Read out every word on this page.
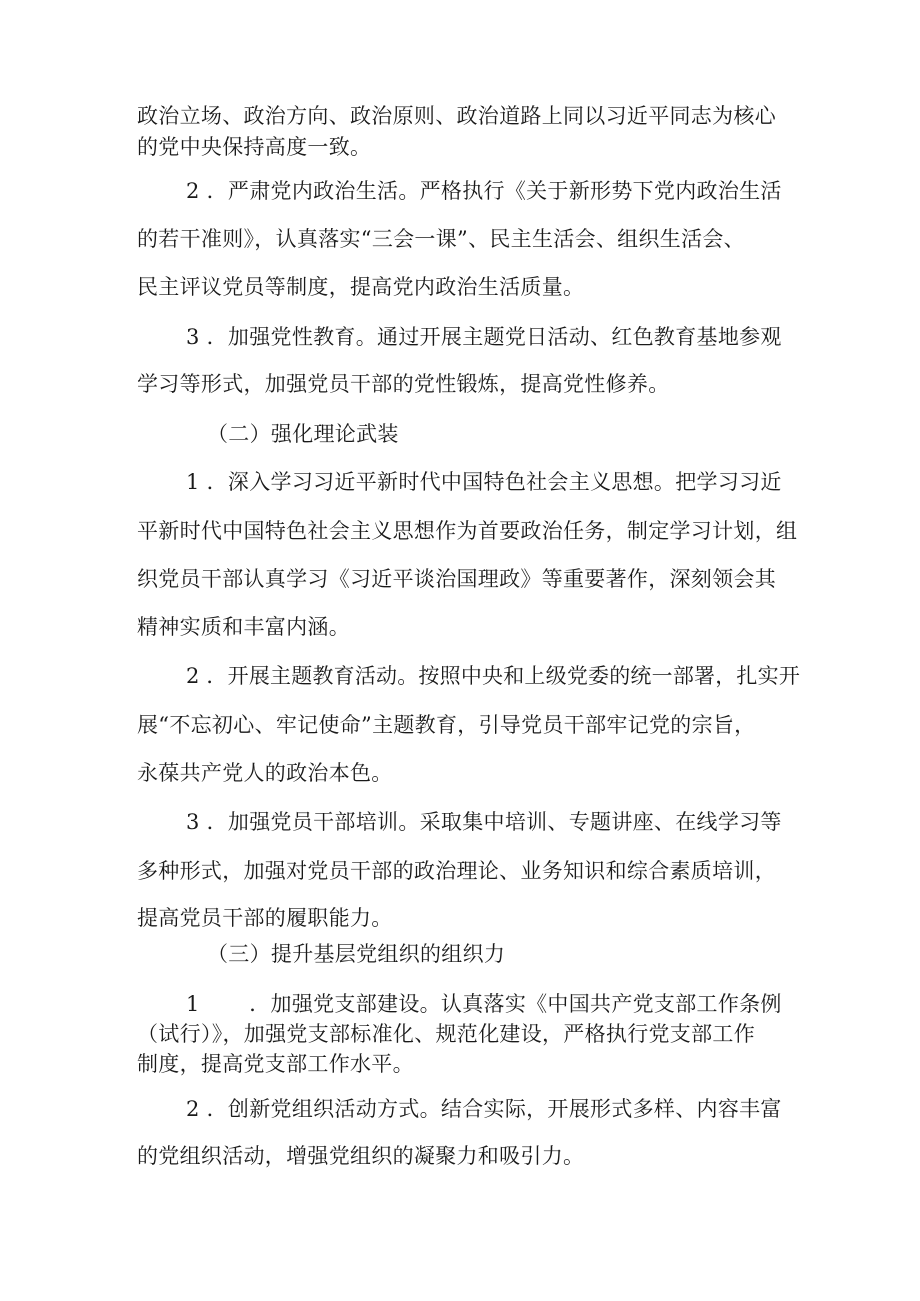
政治立场、政治方向、政治原则、政治道路上同以习近平同志为核心
的党中央保持高度一致。
2 ．严肃党内政治生活。严格执行《关于新形势下党内政治生活
的若干准则》，认真落实“三会一课”、民主生活会、组织生活会、
民主评议党员等制度，提高党内政治生活质量。
3 ．加强党性教育。通过开展主题党日活动、红色教育基地参观
学习等形式，加强党员干部的党性锻炼，提高党性修养。
（二）强化理论武装
1 ．深入学习习近平新时代中国特色社会主义思想。把学习习近
平新时代中国特色社会主义思想作为首要政治任务，制定学习计划，组
织党员干部认真学习《习近平谈治国理政》等重要著作，深刻领会其
精神实质和丰富内涵。
2 ．开展主题教育活动。按照中央和上级党委的统一部署，扎实开
展“不忘初心、牢记使命”主题教育，引导党员干部牢记党的宗旨，
永葆共产党人的政治本色。
3 ．加强党员干部培训。采取集中培训、专题讲座、在线学习等
多种形式，加强对党员干部的政治理论、业务知识和综合素质培训，
提高党员干部的履职能力。
（三）提升基层党组织的组织力
1 　　．加强党支部建设。认真落实《中国共产党支部工作条例
（试行）》，加强党支部标准化、规范化建设，严格执行党支部工作
制度，提高党支部工作水平。
2 ．创新党组织活动方式。结合实际，开展形式多样、内容丰富
的党组织活动，增强党组织的凝聚力和吸引力。
